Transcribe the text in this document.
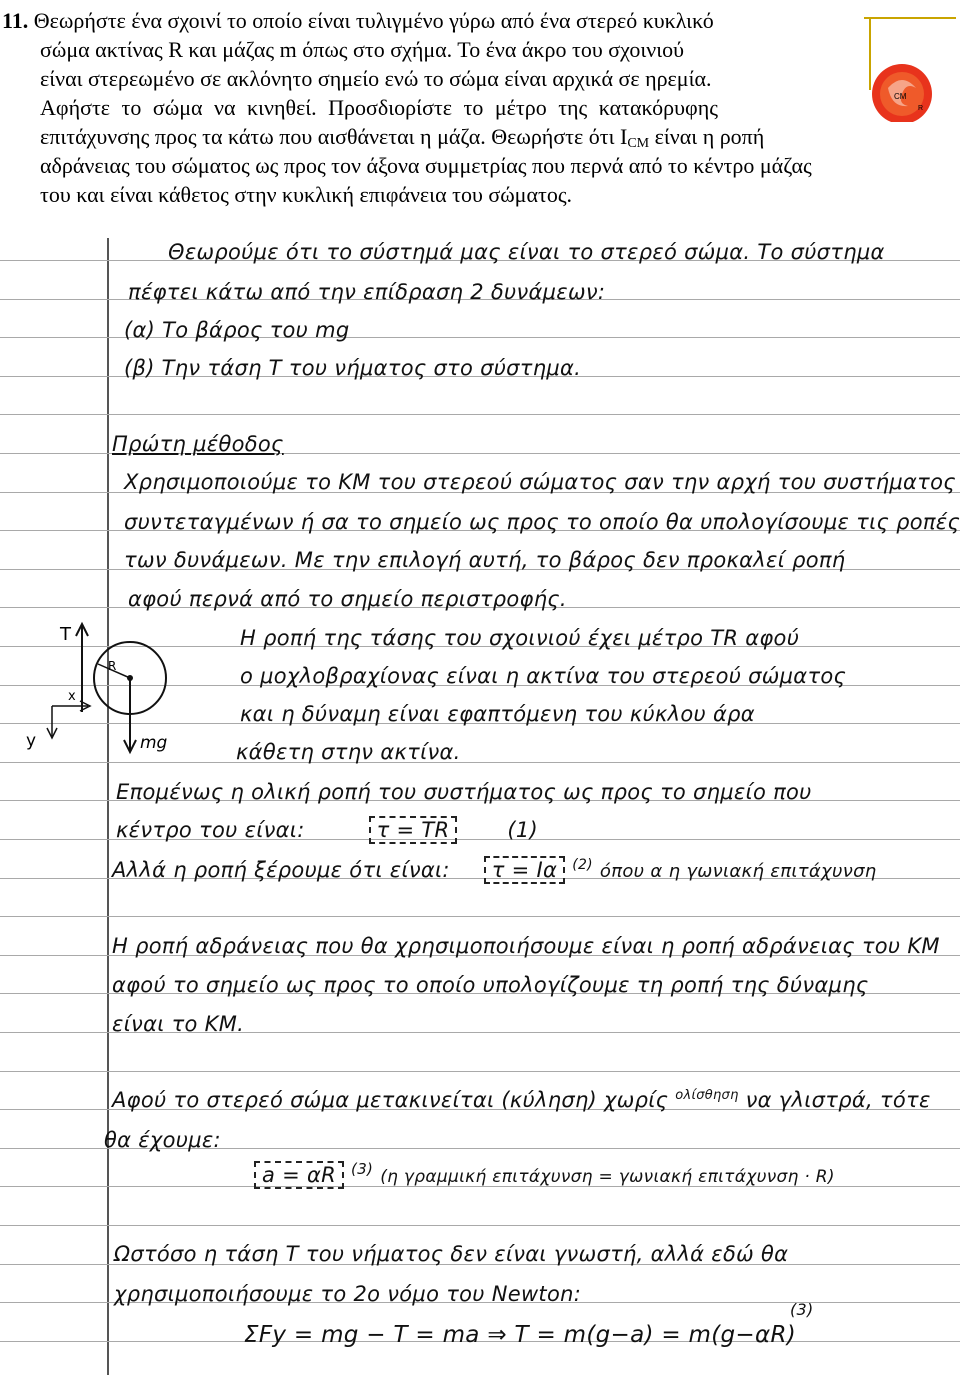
11. Θεωρήστε ένα σχοινί το οποίο είναι τυλιγμένο γύρω από ένα στερεό κυκλικό
σώμα ακτίνας R και μάζας m όπως στο σχήμα. Το ένα άκρο του σχοινιού
είναι στερεωμένο σε ακλόνητο σημείο ενώ το σώμα είναι αρχικά σε ηρεμία.
Αφήστε το σώμα να κινηθεί. Προσδιορίστε το μέτρο της κατακόρυφης
επιτάχυνσης προς τα κάτω που αισθάνεται η μάζα. Θεωρήστε ότι $I_{CM}$ είναι η ροπή
αδράνειας του σώματος ως προς τον άξονα συμμετρίας που περνά από το κέντρο μάζας
του και είναι κάθετος στην κυκλική επιφάνεια του σώματος.
CM
R
Θεωρούμε ότι το σύστημά μας είναι το στερεό σώμα. Το σύστημα
πέφτει κάτω από την επίδραση 2 δυνάμεων:
(α) Το βάρος του mg
(β) Την τάση T του νήματος στο σύστημα.
Πρώτη μέθοδος
Χρησιμοποιούμε το ΚΜ του στερεού σώματος σαν την αρχή του συστήματος
συντεταγμένων ή σα το σημείο ως προς το οποίο θα υπολογίσουμε τις ροπές
των δυνάμεων. Με την επιλογή αυτή, το βάρος δεν προκαλεί ροπή
αφού περνά από το σημείο περιστροφής.
Η ροπή της τάσης του σχοινιού έχει μέτρο TR αφού
ο μοχλοβραχίονας είναι η ακτίνα του στερεού σώματος
και η δύναμη είναι εφαπτόμενη του κύκλου άρα
κάθετη στην ακτίνα.
Επομένως η ολική ροπή του συστήματος ως προς το σημείο που
κέντρο του είναι:	τ = TR	(1)
Αλλά η ροπή ξέρουμε ότι είναι: τ = Iα $^{(2)}$ όπου α η γωνιακή επιτάχυνση
Η ροπή αδράνειας που θα χρησιμοποιήσουμε είναι η ροπή αδράνειας του ΚΜ
αφού το σημείο ως προς το οποίο υπολογίζουμε τη ροπή της δύναμης
είναι το ΚΜ.
Αφού το στερεό σώμα μετακινείται (κύληση) χωρίς $^{o\lambda ί\sigma\theta\eta\sigma\eta}$ να γλιστρά, τότε
θα έχουμε:
a = αR $^{(3)}$ (η γραμμική επιτάχυνση = γωνιακή επιτάχυνση · R)
Ωστόσο η τάση T του νήματος δεν είναι γνωστή, αλλά εδώ θα
χρησιμοποιήσουμε το 2ο νόμο του Newton:
(3)
ΣFy = mg − T = ma ⇒ T = m(g−a) = m(g−αR)
T
R
mg
x
y
